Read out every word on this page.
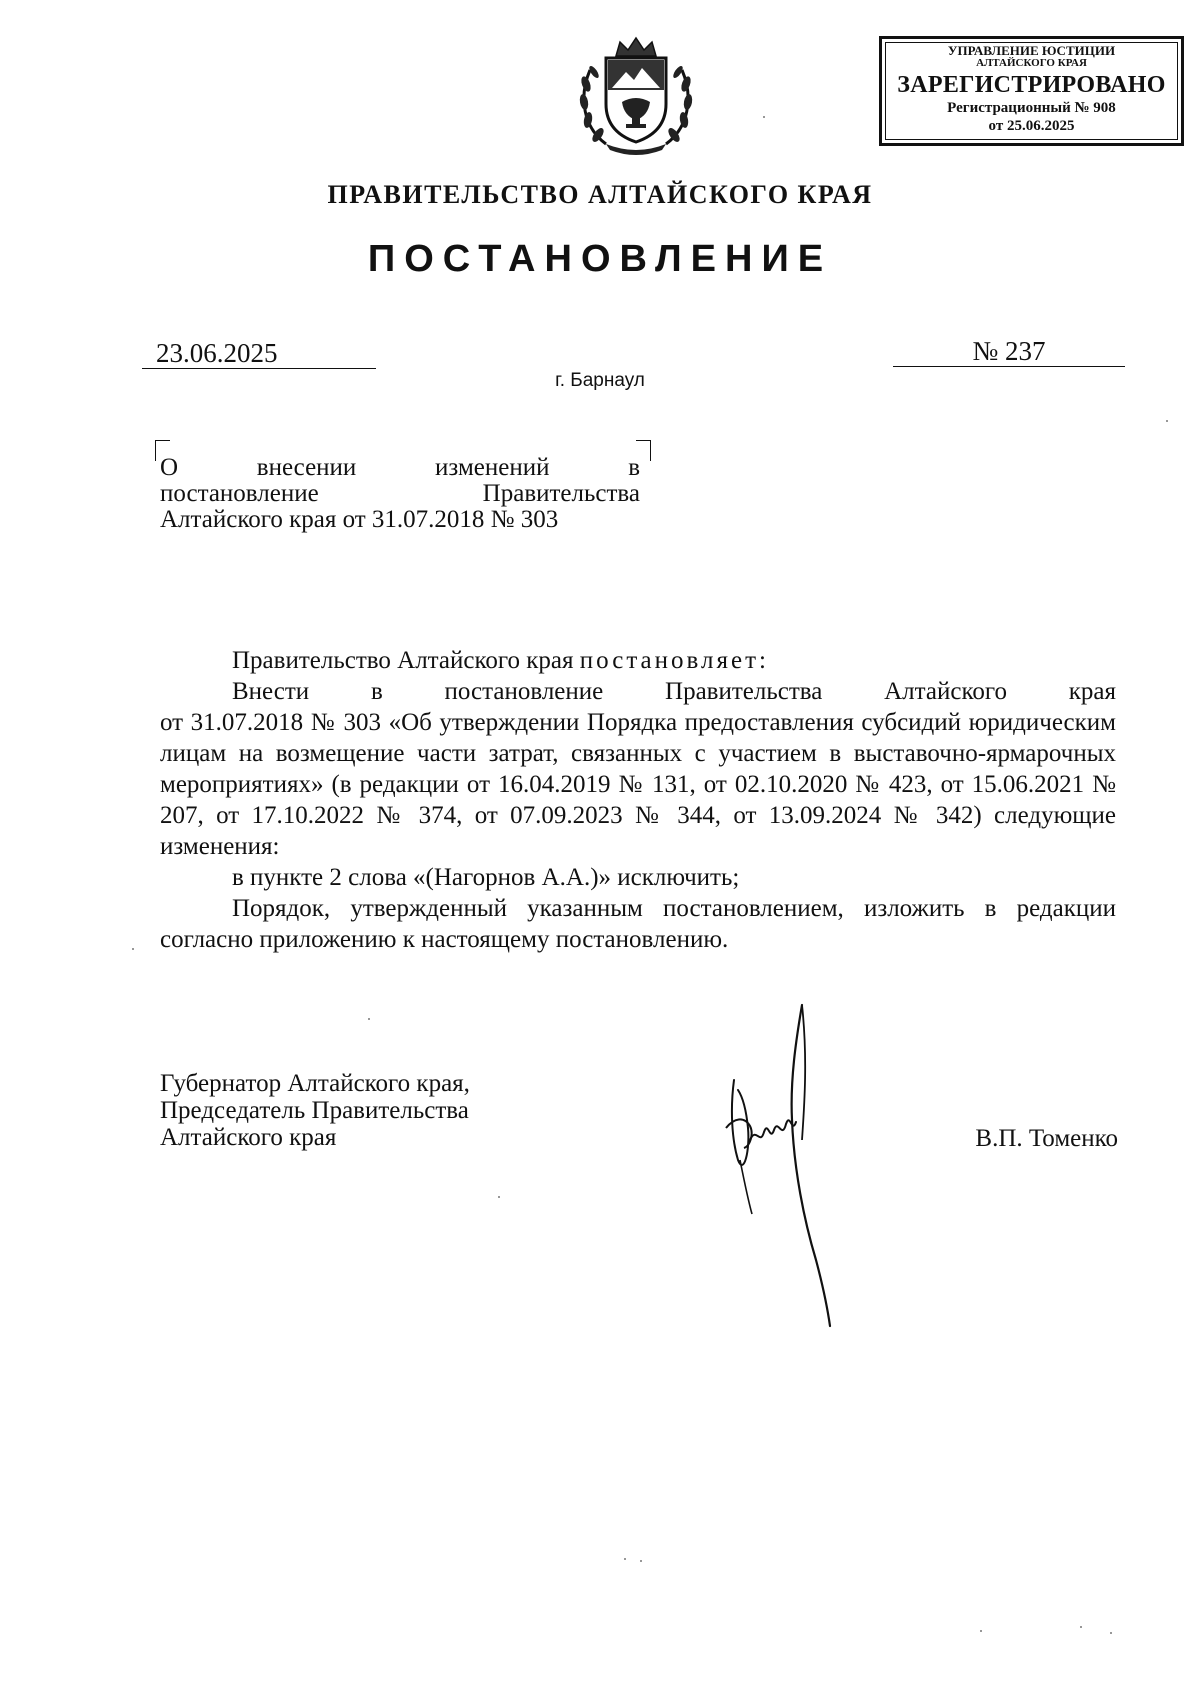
УПРАВЛЕНИЕ ЮСТИЦИИ
АЛТАЙСКОГО КРАЯ
ЗАРЕГИСТРИРОВАНО
Регистрационный № 908
от 25.06.2025
ПРАВИТЕЛЬСТВО АЛТАЙСКОГО КРАЯ
ПОСТАНОВЛЕНИЕ
23.06.2025	№ 237
г. Барнаул
О внесении изменений в
постановление Правительства
Алтайского края от 31.07.2018 № 303

Правительство Алтайского края постановляет:

Внести в постановление Правительства Алтайского края

от 31.07.2018 № 303 «Об утверждении Порядка предоставления субсидий юридическим лицам на возмещение части затрат, связанных с участием в выставочно-ярмарочных мероприятиях» (в редакции от 16.04.2019 № 131, от 02.10.2020 № 423, от 15.06.2021 № 207, от 17.10.2022 № 374, от 07.09.2023 № 344, от 13.09.2024 № 342) следующие изменения:

в пункте 2 слова «(Нагорнов А.А.)» исключить;

Порядок, утвержденный указанным постановлением, изложить в редакции согласно приложению к настоящему постановлению.

Губернатор Алтайского края,
Председатель Правительства
Алтайского края	В.П. Томенко
